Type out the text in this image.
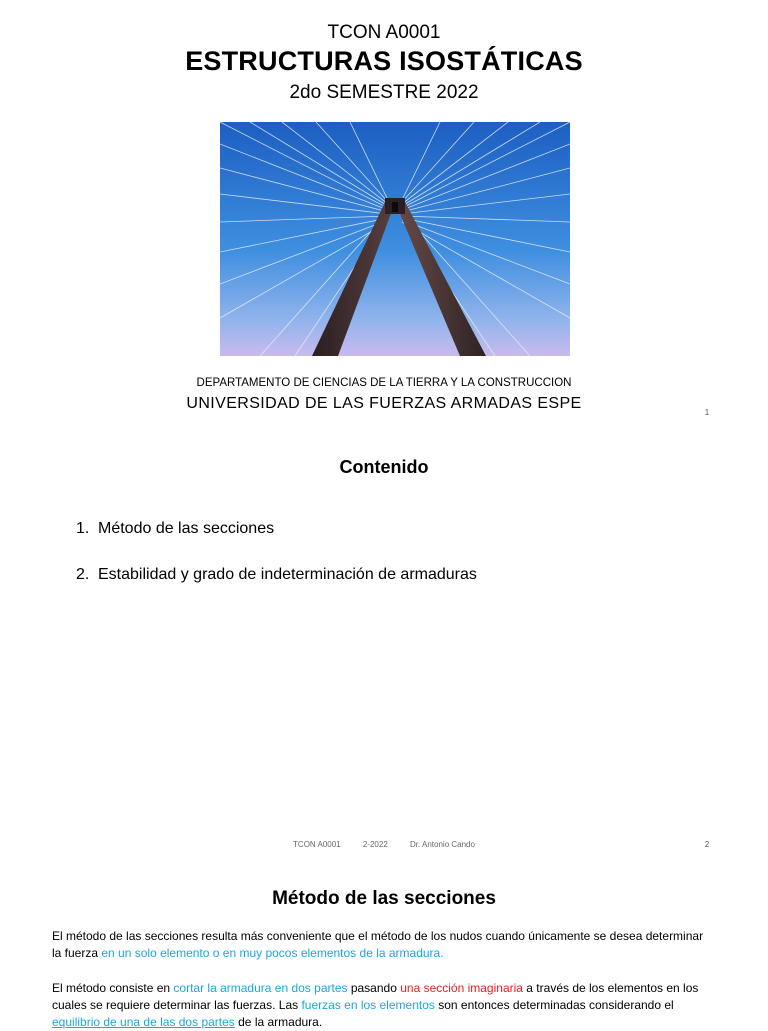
TCON A0001
ESTRUCTURAS ISOSTÁTICAS
2do SEMESTRE 2022
DEPARTAMENTO DE CIENCIAS DE LA TIERRA Y LA CONSTRUCCION
UNIVERSIDAD DE LAS FUERZAS ARMADAS ESPE
1
Contenido
1. Método de las secciones
2. Estabilidad y grado de indeterminación de armaduras
TCON A0001	2-2022	Dr. Antonio Cando	2
Método de las secciones
El método de las secciones resulta más conveniente que el método de los nudos cuando únicamente se desea determinar la fuerza en un solo elemento o en muy pocos elementos de la armadura.
El método consiste en cortar la armadura en dos partes pasando una sección imaginaria a través de los elementos en los cuales se requiere determinar las fuerzas. Las fuerzas en los elementos son entonces determinadas considerando el equilibrio de una de las dos partes de la armadura.
